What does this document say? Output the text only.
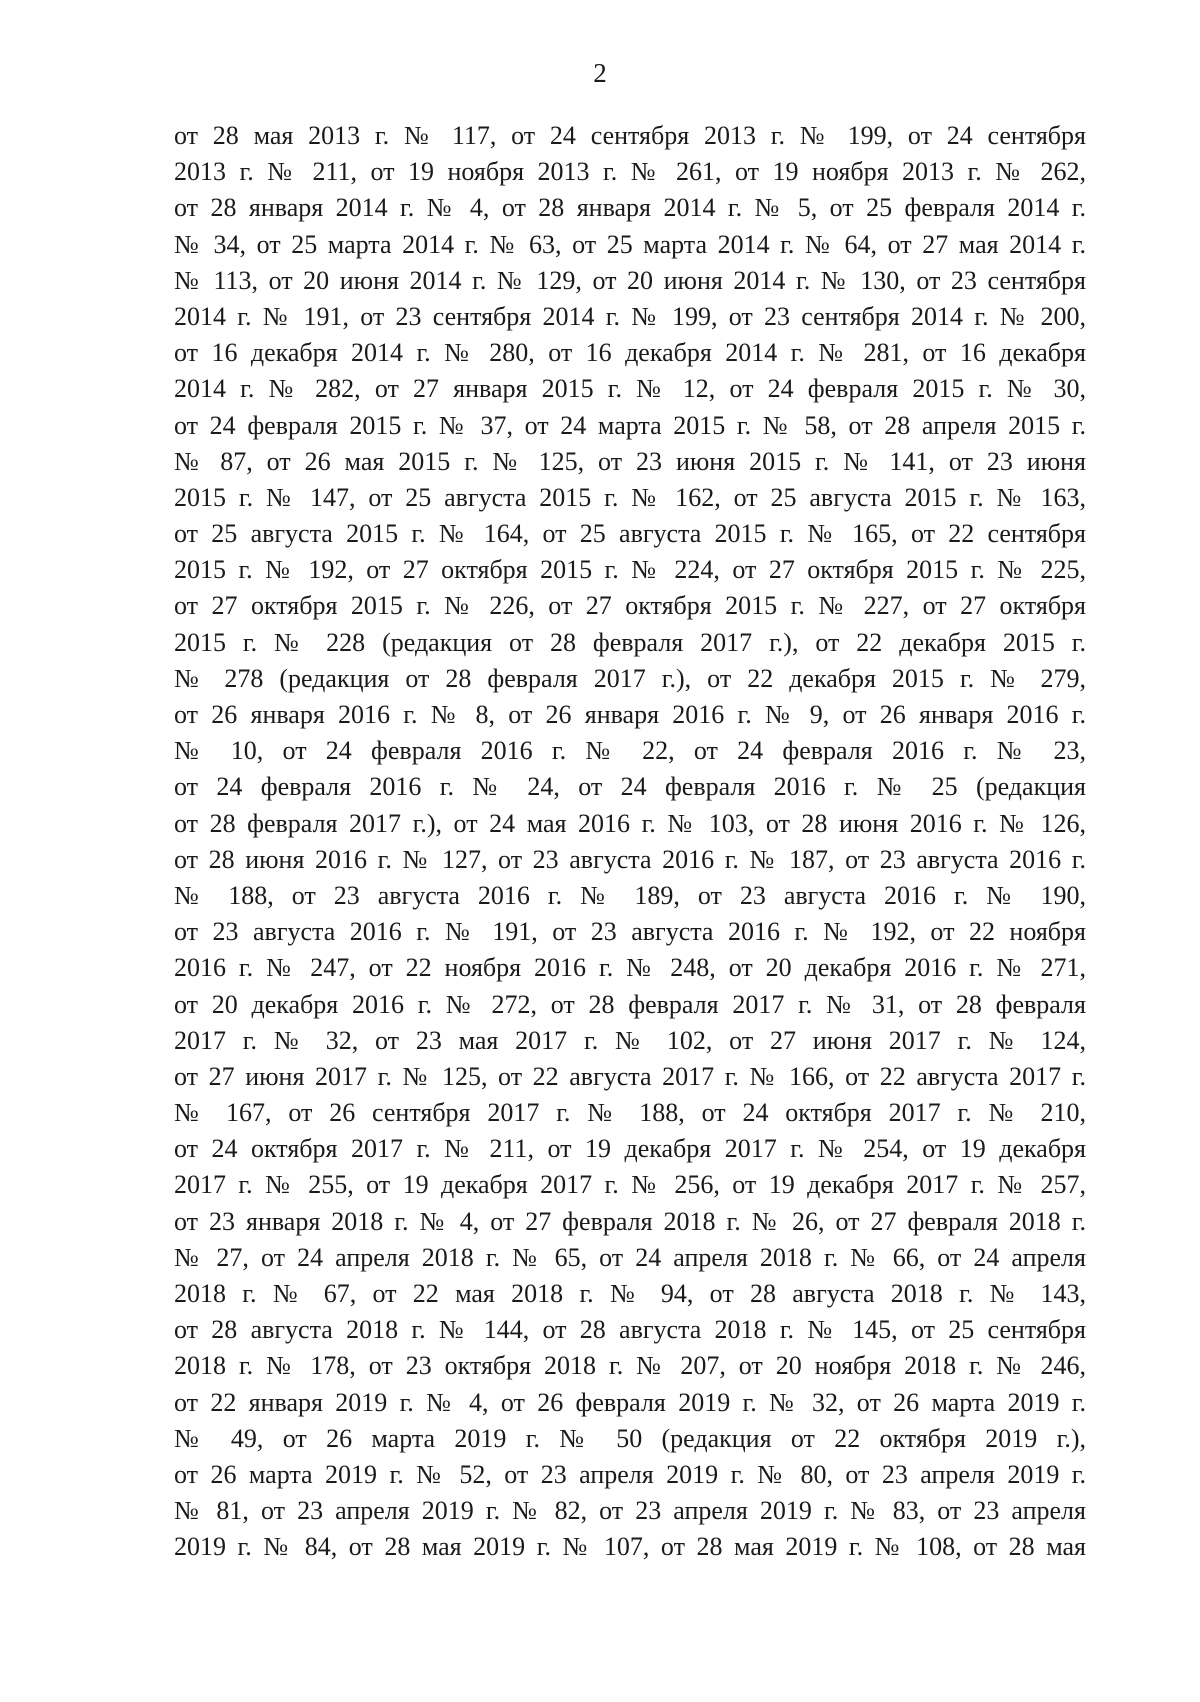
2
от 28 мая 2013 г. № 117, от 24 сентября 2013 г. № 199, от 24 сентября
2013 г. № 211, от 19 ноября 2013 г. № 261, от 19 ноября 2013 г. № 262,
от 28 января 2014 г. № 4, от 28 января 2014 г. № 5, от 25 февраля 2014 г.
№ 34, от 25 марта 2014 г. № 63, от 25 марта 2014 г. № 64, от 27 мая 2014 г.
№ 113, от 20 июня 2014 г. № 129, от 20 июня 2014 г. № 130, от 23 сентября
2014 г. № 191, от 23 сентября 2014 г. № 199, от 23 сентября 2014 г. № 200,
от 16 декабря 2014 г. № 280, от 16 декабря 2014 г. № 281, от 16 декабря
2014 г. № 282, от 27 января 2015 г. № 12, от 24 февраля 2015 г. № 30,
от 24 февраля 2015 г. № 37, от 24 марта 2015 г. № 58, от 28 апреля 2015 г.
№ 87, от 26 мая 2015 г. № 125, от 23 июня 2015 г. № 141, от 23 июня
2015 г. № 147, от 25 августа 2015 г. № 162, от 25 августа 2015 г. № 163,
от 25 августа 2015 г. № 164, от 25 августа 2015 г. № 165, от 22 сентября
2015 г. № 192, от 27 октября 2015 г. № 224, от 27 октября 2015 г. № 225,
от 27 октября 2015 г. № 226, от 27 октября 2015 г. № 227, от 27 октября
2015 г. № 228 (редакция от 28 февраля 2017 г.), от 22 декабря 2015 г.
№ 278 (редакция от 28 февраля 2017 г.), от 22 декабря 2015 г. № 279,
от 26 января 2016 г. № 8, от 26 января 2016 г. № 9, от 26 января 2016 г.
№ 10, от 24 февраля 2016 г. № 22, от 24 февраля 2016 г. № 23,
от 24 февраля 2016 г. № 24, от 24 февраля 2016 г. № 25 (редакция
от 28 февраля 2017 г.), от 24 мая 2016 г. № 103, от 28 июня 2016 г. № 126,
от 28 июня 2016 г. № 127, от 23 августа 2016 г. № 187, от 23 августа 2016 г.
№ 188, от 23 августа 2016 г. № 189, от 23 августа 2016 г. № 190,
от 23 августа 2016 г. № 191, от 23 августа 2016 г. № 192, от 22 ноября
2016 г. № 247, от 22 ноября 2016 г. № 248, от 20 декабря 2016 г. № 271,
от 20 декабря 2016 г. № 272, от 28 февраля 2017 г. № 31, от 28 февраля
2017 г. № 32, от 23 мая 2017 г. № 102, от 27 июня 2017 г. № 124,
от 27 июня 2017 г. № 125, от 22 августа 2017 г. № 166, от 22 августа 2017 г.
№ 167, от 26 сентября 2017 г. № 188, от 24 октября 2017 г. № 210,
от 24 октября 2017 г. № 211, от 19 декабря 2017 г. № 254, от 19 декабря
2017 г. № 255, от 19 декабря 2017 г. № 256, от 19 декабря 2017 г. № 257,
от 23 января 2018 г. № 4, от 27 февраля 2018 г. № 26, от 27 февраля 2018 г.
№ 27, от 24 апреля 2018 г. № 65, от 24 апреля 2018 г. № 66, от 24 апреля
2018 г. № 67, от 22 мая 2018 г. № 94, от 28 августа 2018 г. № 143,
от 28 августа 2018 г. № 144, от 28 августа 2018 г. № 145, от 25 сентября
2018 г. № 178, от 23 октября 2018 г. № 207, от 20 ноября 2018 г. № 246,
от 22 января 2019 г. № 4, от 26 февраля 2019 г. № 32, от 26 марта 2019 г.
№ 49, от 26 марта 2019 г. № 50 (редакция от 22 октября 2019 г.),
от 26 марта 2019 г. № 52, от 23 апреля 2019 г. № 80, от 23 апреля 2019 г.
№ 81, от 23 апреля 2019 г. № 82, от 23 апреля 2019 г. № 83, от 23 апреля
2019 г. № 84, от 28 мая 2019 г. № 107, от 28 мая 2019 г. № 108, от 28 мая
